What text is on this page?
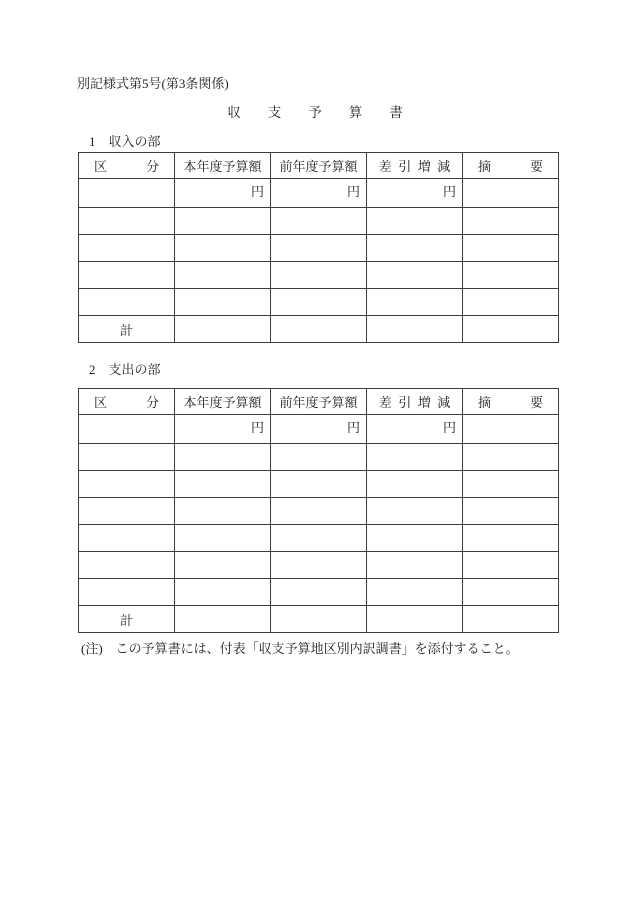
別記様式第5号(第3条関係)
収　　支　　予　　算　　書
1　収入の部
区　　　分	本年度予算額	前年度予算額	差 引 増 減	摘　　　要
	円	円	円	

計				
2　支出の部
区　　　分	本年度予算額	前年度予算額	差 引 増 減	摘　　　要
	円	円	円	

計				
(注)　この予算書には、付表「収支予算地区別内訳調書」を添付すること。
